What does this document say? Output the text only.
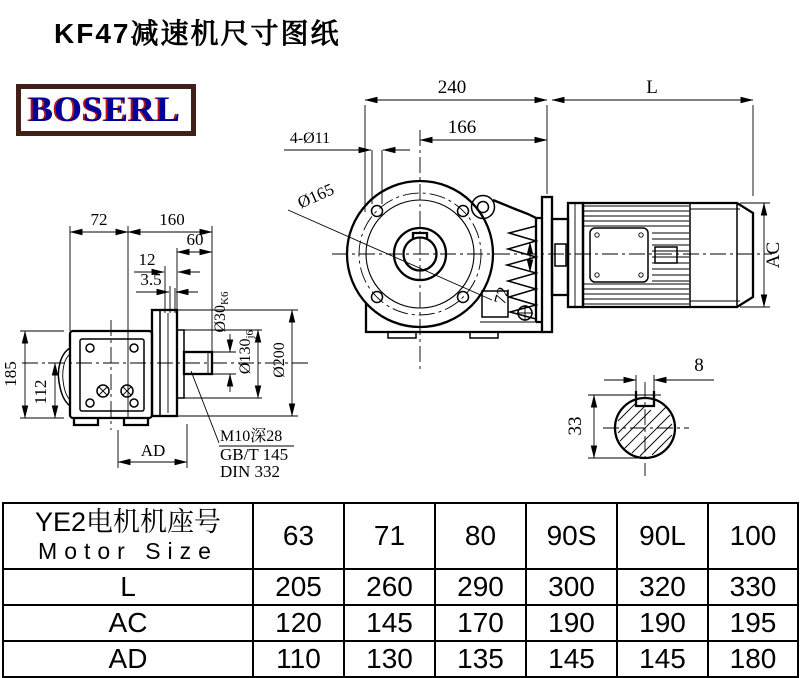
KF47减速机尺寸图纸
BOSERL
Ø165
72
240	L
166
4-Ø11
AC
72	160
60
12
3.5
185
112
Ø30K6
Ø130j6
Ø200
AD
M10深28
GB/T 145
DIN 332
8
33
YE2电机机座号
Motor Size	63	71	80	90S	90L	100
L	205	260	290	300	320	330
AC	120	145	170	190	190	195
AD	110	130	135	145	145	180
